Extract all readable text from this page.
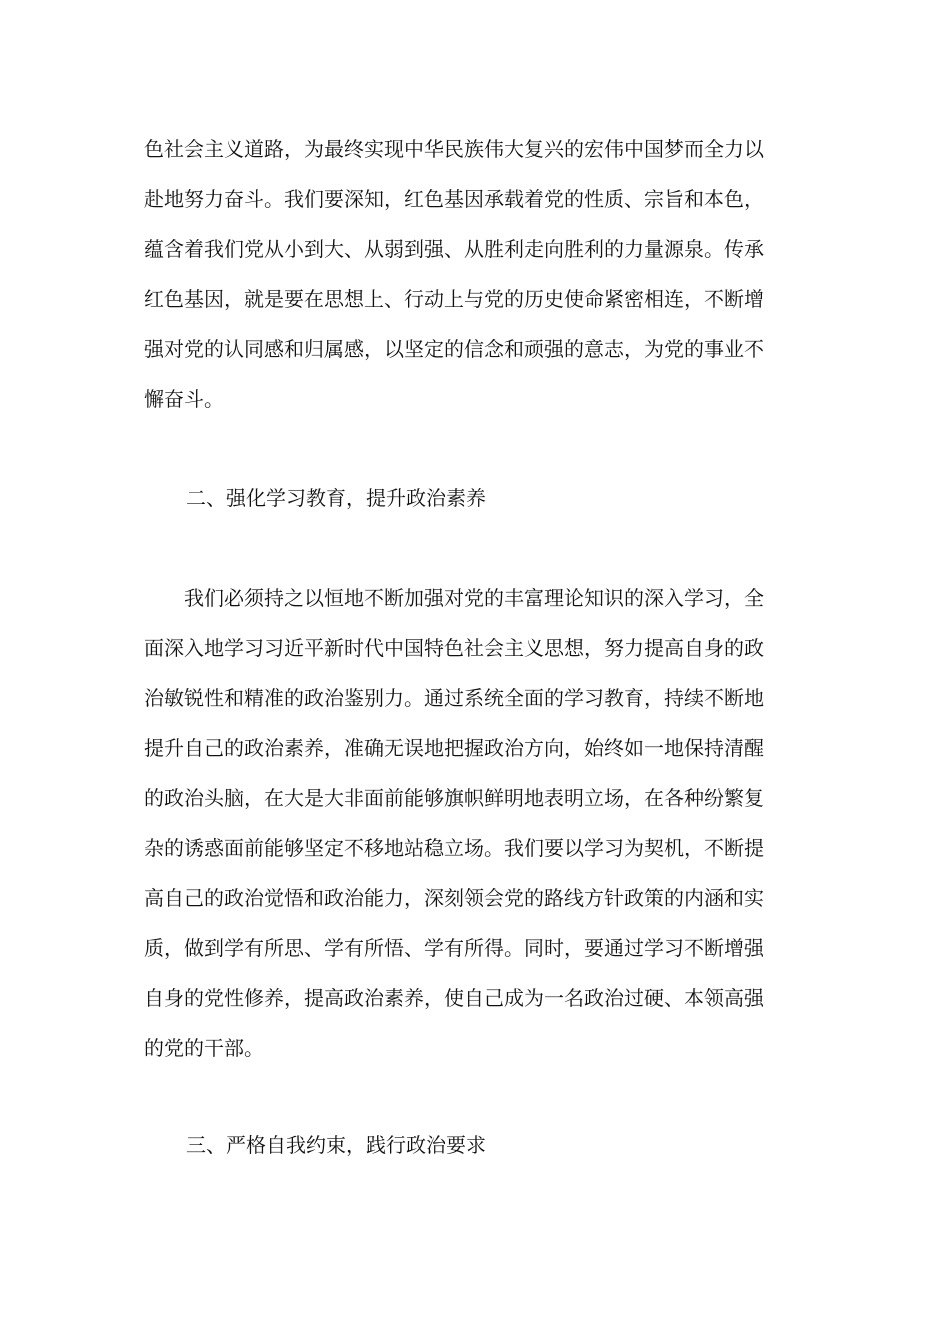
色社会主义道路，为最终实现中华民族伟大复兴的宏伟中国梦而全力以
赴地努力奋斗。我们要深知，红色基因承载着党的性质、宗旨和本色，
蕴含着我们党从小到大、从弱到强、从胜利走向胜利的力量源泉。传承
红色基因，就是要在思想上、行动上与党的历史使命紧密相连，不断增
强对党的认同感和归属感，以坚定的信念和顽强的意志，为党的事业不
懈奋斗。
二、强化学习教育，提升政治素养
我们必须持之以恒地不断加强对党的丰富理论知识的深入学习，全
面深入地学习习近平新时代中国特色社会主义思想，努力提高自身的政
治敏锐性和精准的政治鉴别力。通过系统全面的学习教育，持续不断地
提升自己的政治素养，准确无误地把握政治方向，始终如一地保持清醒
的政治头脑，在大是大非面前能够旗帜鲜明地表明立场，在各种纷繁复
杂的诱惑面前能够坚定不移地站稳立场。我们要以学习为契机，不断提
高自己的政治觉悟和政治能力，深刻领会党的路线方针政策的内涵和实
质，做到学有所思、学有所悟、学有所得。同时，要通过学习不断增强
自身的党性修养，提高政治素养，使自己成为一名政治过硬、本领高强
的党的干部。
三、严格自我约束，践行政治要求
